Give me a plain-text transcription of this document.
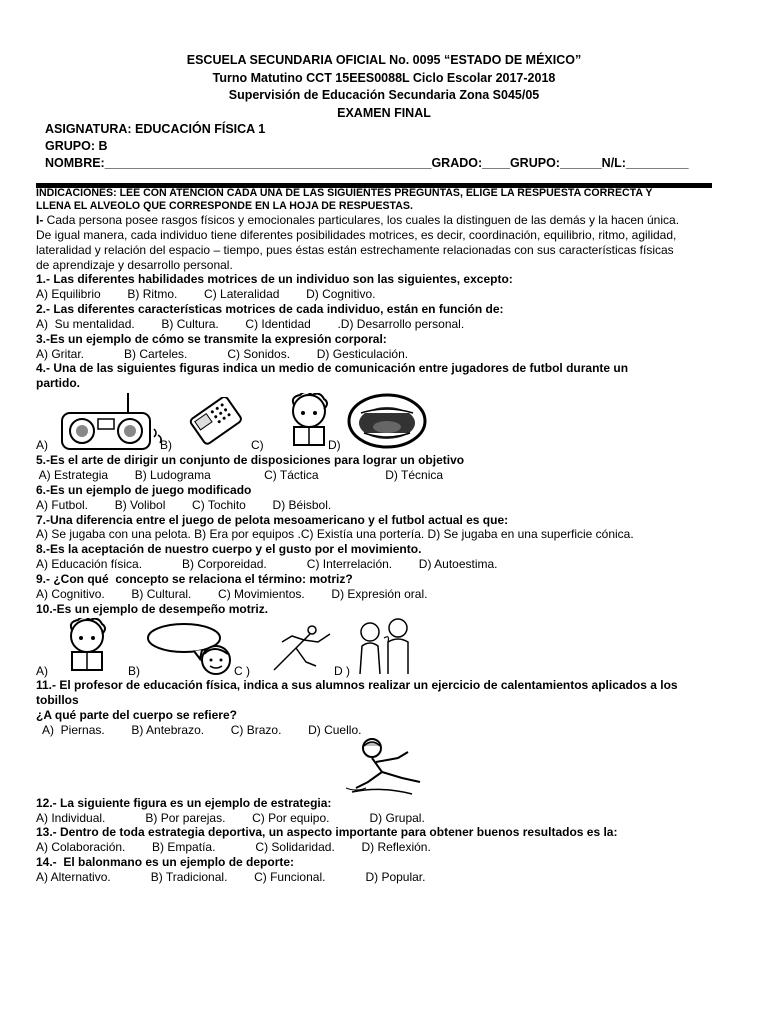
ESCUELA SECUNDARIA OFICIAL No. 0095 “ESTADO DE MÉXICO”
Turno Matutino CCT 15EES0088L Ciclo Escolar 2017-2018
Supervisión de Educación Secundaria Zona S045/05
EXAMEN FINAL
ASIGNATURA: EDUCACIÓN FÍSICA 1
GRUPO: B
NOMBRE:_______________________________________________GRADO:____GRUPO:______N/L:_________
INDICACIONES: LEE CON ATENCION CADA UNA DE LAS SIGUIENTES PREGUNTAS, ELIGE LA RESPUESTA CORRECTA Y
LLENA EL ALVEOLO QUE CORRESPONDE EN LA HOJA DE RESPUESTAS.
I- Cada persona posee rasgos físicos y emocionales particulares, los cuales la distinguen de las demás y la hacen única.
De igual manera, cada individuo tiene diferentes posibilidades motrices, es decir, coordinación, equilibrio, ritmo, agilidad,
lateralidad y relación del espacio – tiempo, pues éstas están estrechamente relacionadas con sus características físicas
de aprendizaje y desarrollo personal.
1.- Las diferentes habilidades motrices de un individuo son las siguientes, excepto:
A) Equilibrio        B) Ritmo.        C) Lateralidad        D) Cognitivo.
2.- Las diferentes características motrices de cada individuo, están en función de:
A)  Su mentalidad.        B) Cultura.        C) Identidad        .D) Desarrollo personal.
3.-Es un ejemplo de cómo se transmite la expresión corporal:
A) Gritar.            B) Carteles.            C) Sonidos.        D) Gesticulación.
4.- Una de las siguientes figuras indica un medio de comunicación entre jugadores de futbol durante un
partido.
A)	B)	C)	D)
5.-Es el arte de dirigir un conjunto de disposiciones para lograr un objetivo
A) Estrategia        B) Ludograma                C) Táctica                    D) Técnica
6.-Es un ejemplo de juego modificado
A) Futbol.        B) Volibol        C) Tochito        D) Béisbol.
7.-Una diferencia entre el juego de pelota mesoamericano y el futbol actual es que:
A) Se jugaba con una pelota. B) Era por equipos .C) Existía una portería. D) Se jugaba en una superficie cónica.
8.-Es la aceptación de nuestro cuerpo y el gusto por el movimiento.
A) Educación física.            B) Corporeidad.            C) Interrelación.        D) Autoestima.
9.- ¿Con qué  concepto se relaciona el término: motriz?
A) Cognitivo.        B) Cultural.        C) Movimientos.        D) Expresión oral.
10.-Es un ejemplo de desempeño motriz.
A)	B)	C )	D )
11.- El profesor de educación física, indica a sus alumnos realizar un ejercicio de calentamientos aplicados a los
tobillos
¿A qué parte del cuerpo se refiere?
A)  Piernas.        B) Antebrazo.        C) Brazo.        D) Cuello.
12.- La siguiente figura es un ejemplo de estrategia:
A) Individual.            B) Por parejas.        C) Por equipo.            D) Grupal.
13.- Dentro de toda estrategia deportiva, un aspecto importante para obtener buenos resultados es la:
A) Colaboración.        B) Empatía.            C) Solidaridad.        D) Reflexión.
14.-  El balonmano es un ejemplo de deporte:
A) Alternativo.            B) Tradicional.        C) Funcional.            D) Popular.
